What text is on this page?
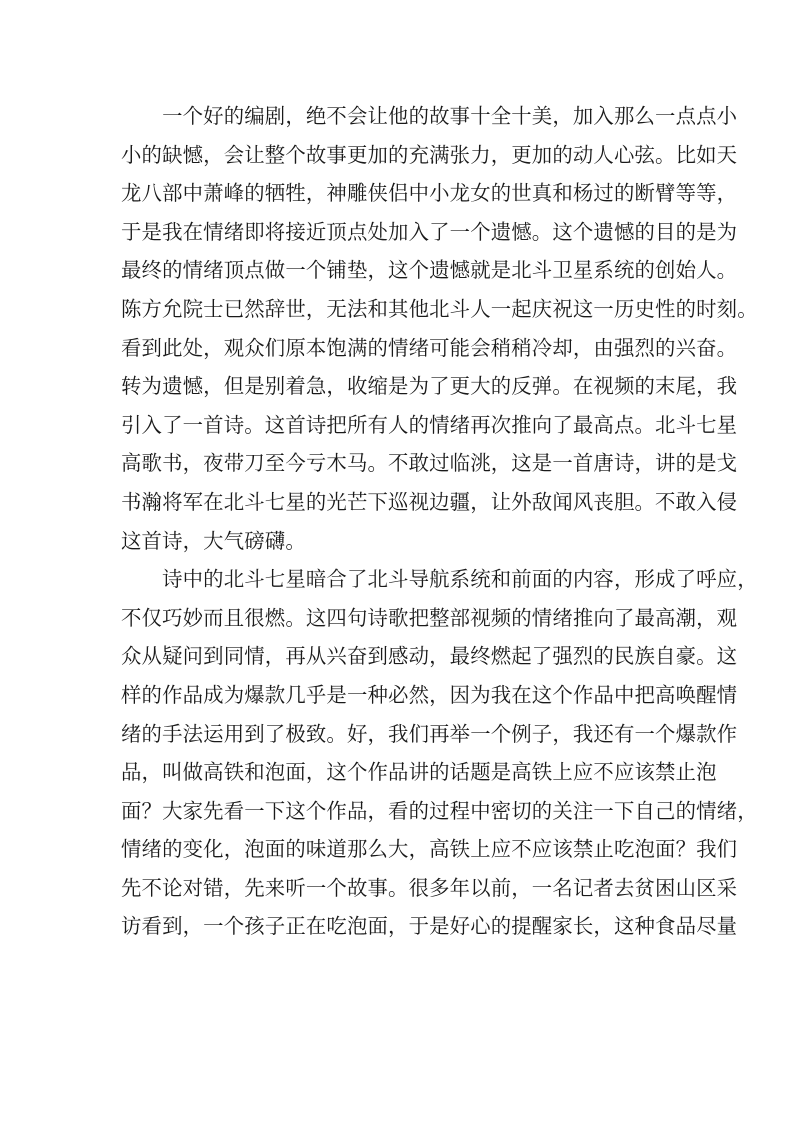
　　一个好的编剧，绝不会让他的故事十全十美，加入那么一点点小
小的缺憾，会让整个故事更加的充满张力，更加的动人心弦。比如天
龙八部中萧峰的牺牲，神雕侠侣中小龙女的世真和杨过的断臂等等，
于是我在情绪即将接近顶点处加入了一个遗憾。这个遗憾的目的是为
最终的情绪顶点做一个铺垫，这个遗憾就是北斗卫星系统的创始人。
陈方允院士已然辞世，无法和其他北斗人一起庆祝这一历史性的时刻。
看到此处，观众们原本饱满的情绪可能会稍稍冷却，由强烈的兴奋。
转为遗憾，但是别着急，收缩是为了更大的反弹。在视频的末尾，我
引入了一首诗。这首诗把所有人的情绪再次推向了最高点。北斗七星
高歌书，夜带刀至今亏木马。不敢过临洮，这是一首唐诗，讲的是戈
书瀚将军在北斗七星的光芒下巡视边疆，让外敌闻风丧胆。不敢入侵
这首诗，大气磅礴。
　　诗中的北斗七星暗合了北斗导航系统和前面的内容，形成了呼应，
不仅巧妙而且很燃。这四句诗歌把整部视频的情绪推向了最高潮，观
众从疑问到同情，再从兴奋到感动，最终燃起了强烈的民族自豪。这
样的作品成为爆款几乎是一种必然，因为我在这个作品中把高唤醒情
绪的手法运用到了极致。好，我们再举一个例子，我还有一个爆款作
品，叫做高铁和泡面，这个作品讲的话题是高铁上应不应该禁止泡
面？大家先看一下这个作品，看的过程中密切的关注一下自己的情绪，
情绪的变化，泡面的味道那么大，高铁上应不应该禁止吃泡面？我们
先不论对错，先来听一个故事。很多年以前，一名记者去贫困山区采
访看到，一个孩子正在吃泡面，于是好心的提醒家长，这种食品尽量
